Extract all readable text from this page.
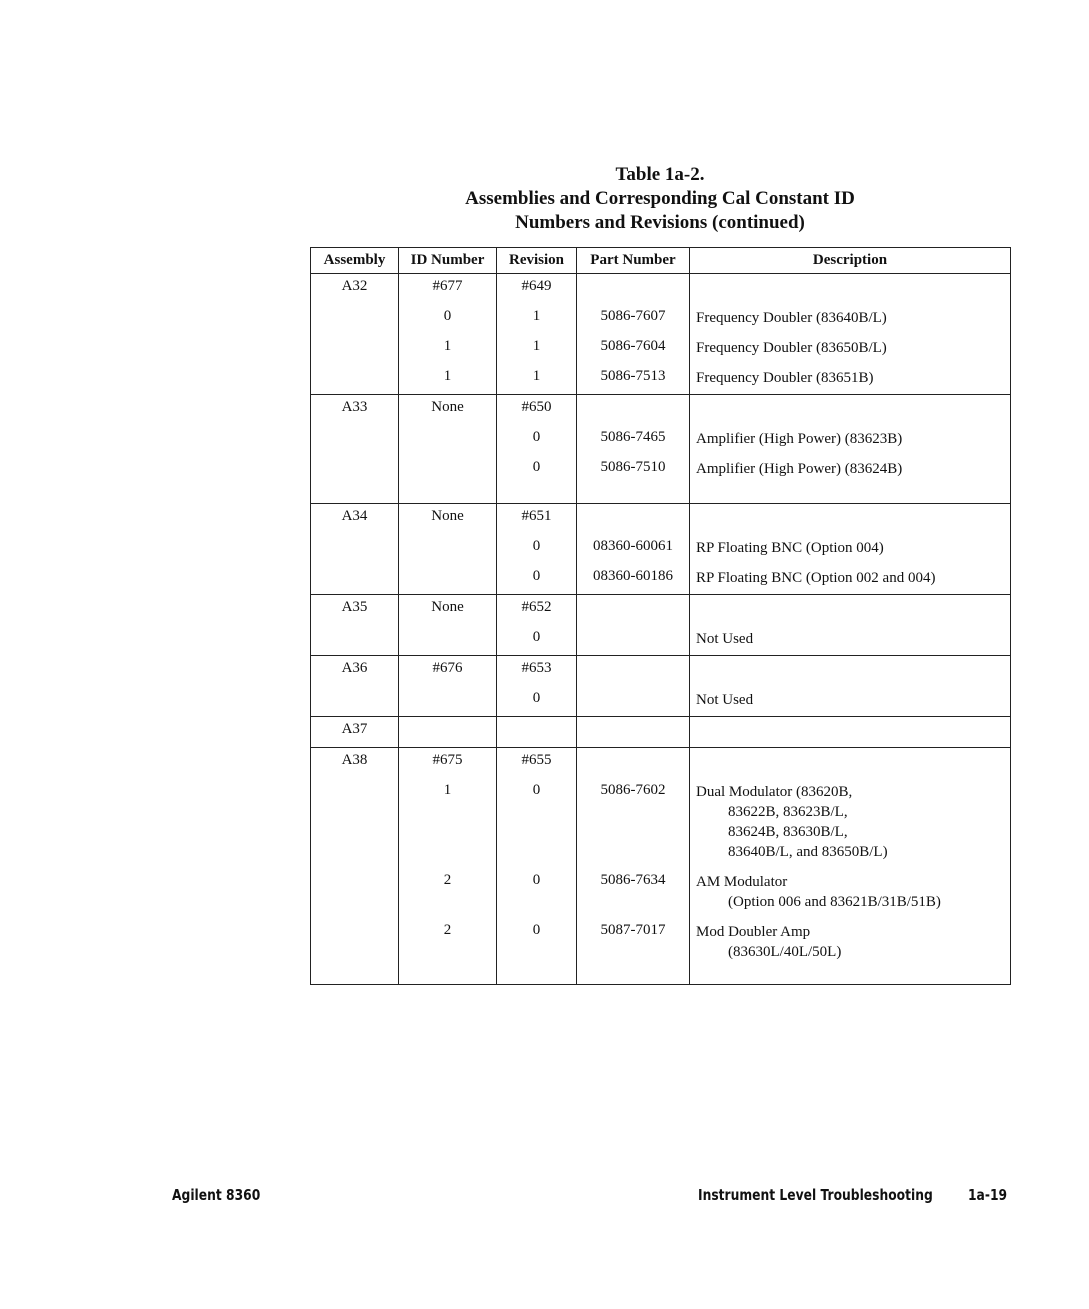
Table 1a-2.
Assemblies and Corresponding Cal Constant ID
Numbers and Revisions (continued)
Assembly	ID Number	Revision	Part Number	Description
A32	#677	#649		
	0	1	5086-7607	Frequency Doubler (83640B/L)

	1	1	5086-7604	Frequency Doubler (83650B/L)

	1	1	5086-7513	Frequency Doubler (83651B)

A33	None	#650		
		0	5086-7465	Amplifier (High Power) (83623B)

		0	5086-7510	Amplifier (High Power) (83624B)

A34	None	#651		
		0	08360-60061	RP Floating BNC (Option 004)

		0	08360-60186	RP Floating BNC (Option 002 and 004)

A35	None	#652		
		0		Not Used

A36	#676	#653		
		0		Not Used

A37				
A38	#675	#655		
	1	0	5086-7602	Dual Modulator (83620B,
83622B, 83623B/L,
83624B, 83630B/L,
83640B/L, and 83650B/L)

	2	0	5086-7634	AM Modulator
(Option 006 and 83621B/31B/51B)

	2	0	5087-7017	Mod Doubler Amp
(83630L/40L/50L)

Agilent 8360	Instrument Level Troubleshooting 1a-19
